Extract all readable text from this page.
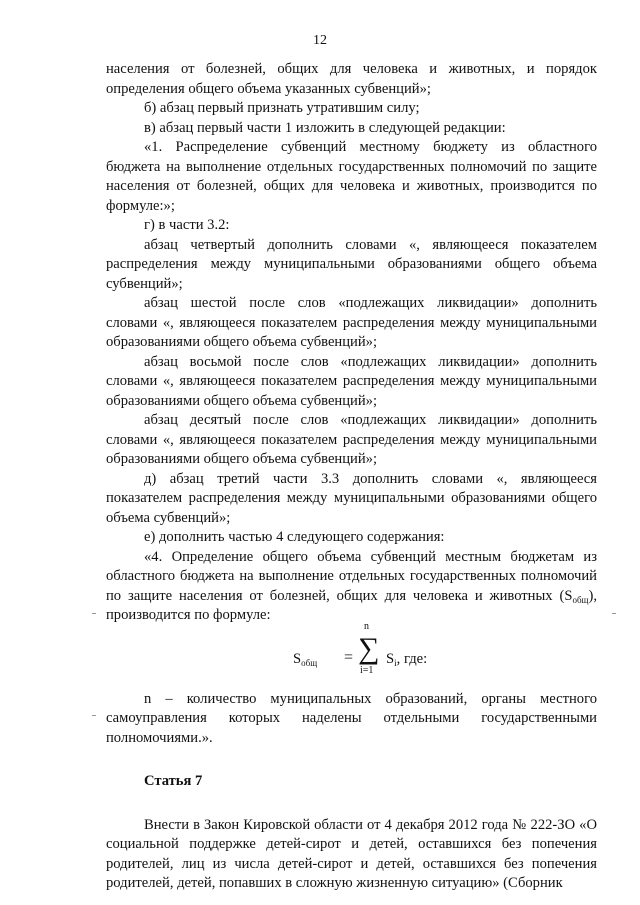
12

населения от болезней, общих для человека и животных, и порядок определения общего объема указанных субвенций»;

б) абзац первый признать утратившим силу;

в) абзац первый части 1 изложить в следующей редакции:

«1. Распределение субвенций местному бюджету из областного бюджета на выполнение отдельных государственных полномочий по защите населения от болезней, общих для человека и животных, производится по формуле:»;

г) в части 3.2:

абзац четвертый дополнить словами «, являющееся показателем распределения между муниципальными образованиями общего объема субвенций»;

абзац шестой после слов «подлежащих ликвидации» дополнить словами «, являющееся показателем распределения между муниципальными образованиями общего объема субвенций»;

абзац восьмой после слов «подлежащих ликвидации» дополнить словами «, являющееся показателем распределения между муниципальными образованиями общего объема субвенций»;

абзац десятый после слов «подлежащих ликвидации» дополнить словами «, являющееся показателем распределения между муниципальными образованиями общего объема субвенций»;

д) абзац третий части 3.3 дополнить словами «, являющееся показателем распределения между муниципальными образованиями общего объема субвенций»;

е) дополнить частью 4 следующего содержания:

«4. Определение общего объема субвенций местным бюджетам из областного бюджета на выполнение отдельных государственных полномочий по защите населения от болезней, общих для человека и животных $(S_{общ})$, производится по формуле:

$S_{общ}$ =
n
∑
i=1
$S_i$, где:

n – количество муниципальных образований, органы местного самоуправления которых наделены отдельными государственными полномочиями.».

Статья 7

Внести в Закон Кировской области от 4 декабря 2012 года № 222-ЗО «О социальной поддержке детей-сирот и детей, оставшихся без попечения родителей, лиц из числа детей-сирот и детей, оставшихся без попечения родителей, детей, попавших в сложную жизненную ситуацию» (Сборник
